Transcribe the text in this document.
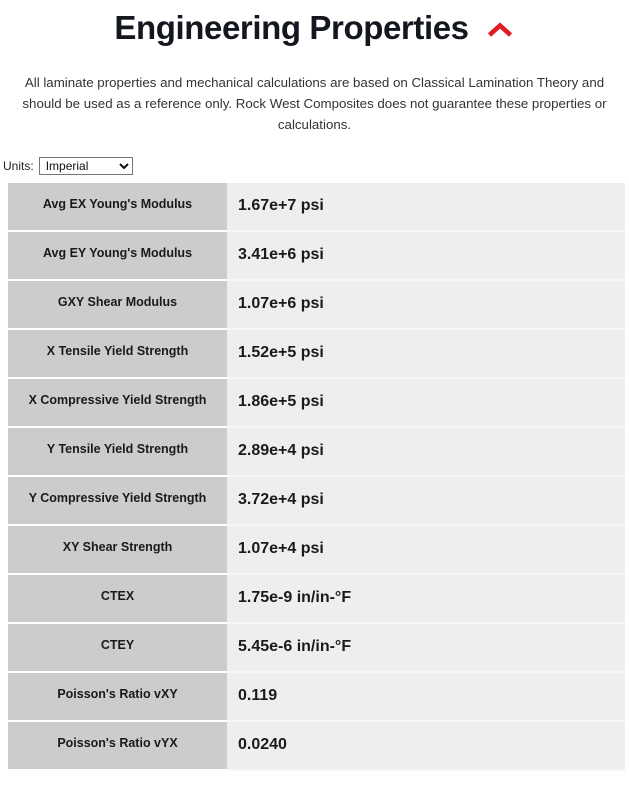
Engineering Properties

All laminate properties and mechanical calculations are based on Classical Lamination Theory and should be used as a reference only. Rock West Composites does not guarantee these properties or calculations.

Units:
Imperial
Avg EX Young's Modulus	1.67e+7 psi
Avg EY Young's Modulus	3.41e+6 psi
GXY Shear Modulus	1.07e+6 psi
X Tensile Yield Strength	1.52e+5 psi
X Compressive Yield Strength	1.86e+5 psi
Y Tensile Yield Strength	2.89e+4 psi
Y Compressive Yield Strength	3.72e+4 psi
XY Shear Strength	1.07e+4 psi
CTEX	1.75e-9 in/in-°F
CTEY	5.45e-6 in/in-°F
Poisson's Ratio vXY	0.119
Poisson's Ratio vYX	0.0240
